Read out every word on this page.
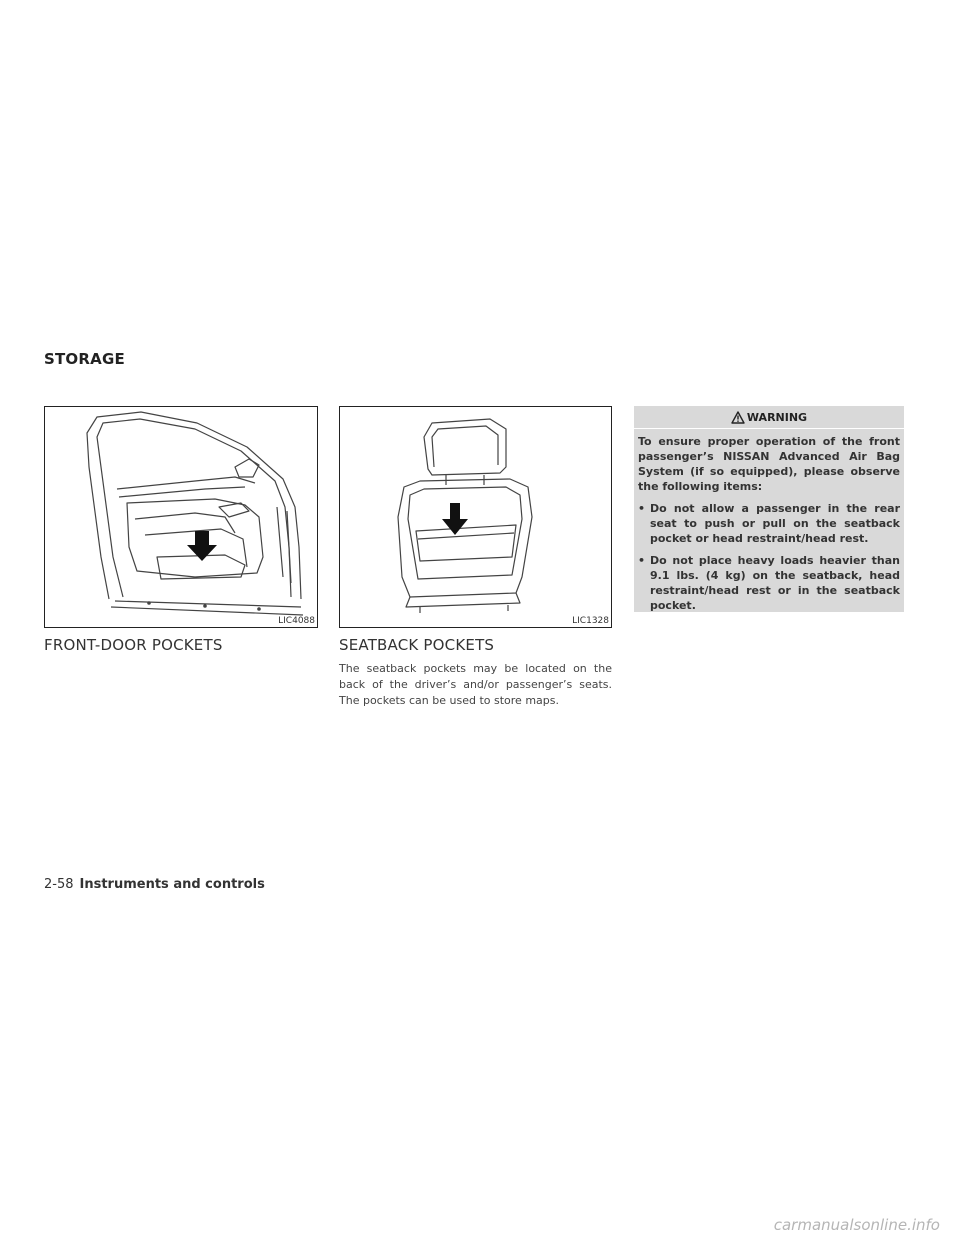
STORAGE
LIC4088	LIC1328
FRONT-DOOR POCKETS	SEATBACK POCKETS
The seatback pockets may be located on the back of the driver’s and/or passenger’s seats. The pockets can be used to store maps.
WARNING
To ensure proper operation of the front passenger’s NISSAN Advanced Air Bag System (if so equipped), please observe the following items:
• Do not allow a passenger in the rear seat to push or pull on the seatback pocket or head restraint/head rest.
• Do not place heavy loads heavier than 9.1 lbs. (4 kg) on the seatback, head restraint/head rest or in the seatback pocket.
2-58 Instruments and controls
carmanualsonline.info
